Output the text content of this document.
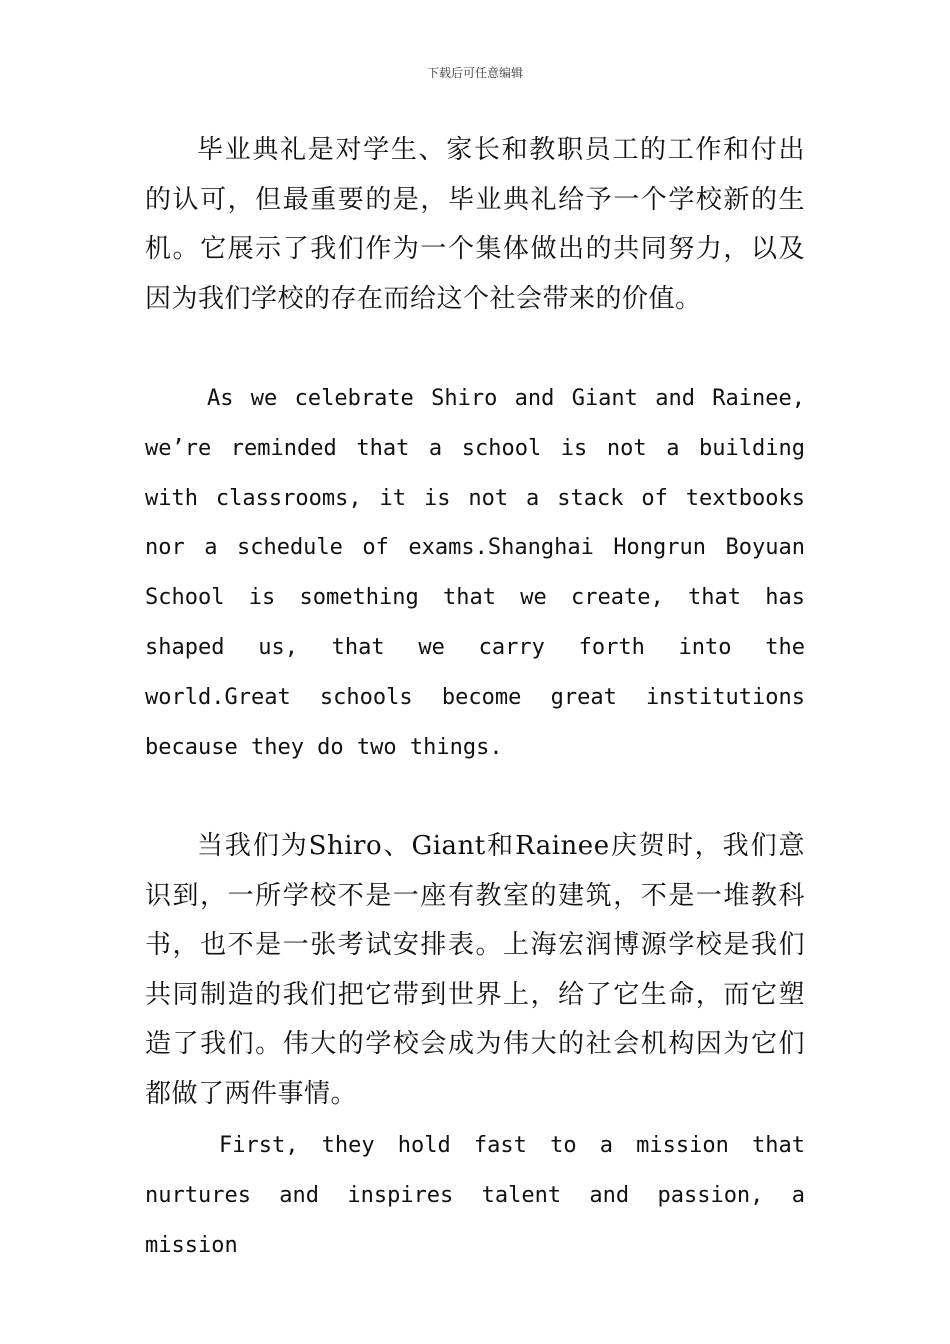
下载后可任意编辑

毕业典礼是对学生、家长和教职员工的工作和付出的认可，但最重要的是，毕业典礼给予一个学校新的生机。它展示了我们作为一个集体做出的共同努力，以及因为我们学校的存在而给这个社会带来的价值。

As we celebrate Shiro and Giant and Rainee, we’re reminded that a school is not a building with classrooms, it is not a stack of textbooks nor a schedule of exams.Shanghai Hongrun Boyuan School is something that we create, that has shaped us, that we carry forth into the world.Great schools become great institutions because they do two things.

当我们为Shiro、Giant和Rainee庆贺时，我们意识到，一所学校不是一座有教室的建筑，不是一堆教科书，也不是一张考试安排表。上海宏润博源学校是我们共同制造的我们把它带到世界上，给了它生命，而它塑造了我们。伟大的学校会成为伟大的社会机构因为它们都做了两件事情。

First, they hold fast to a mission that nurtures and inspires talent and passion, a mission
